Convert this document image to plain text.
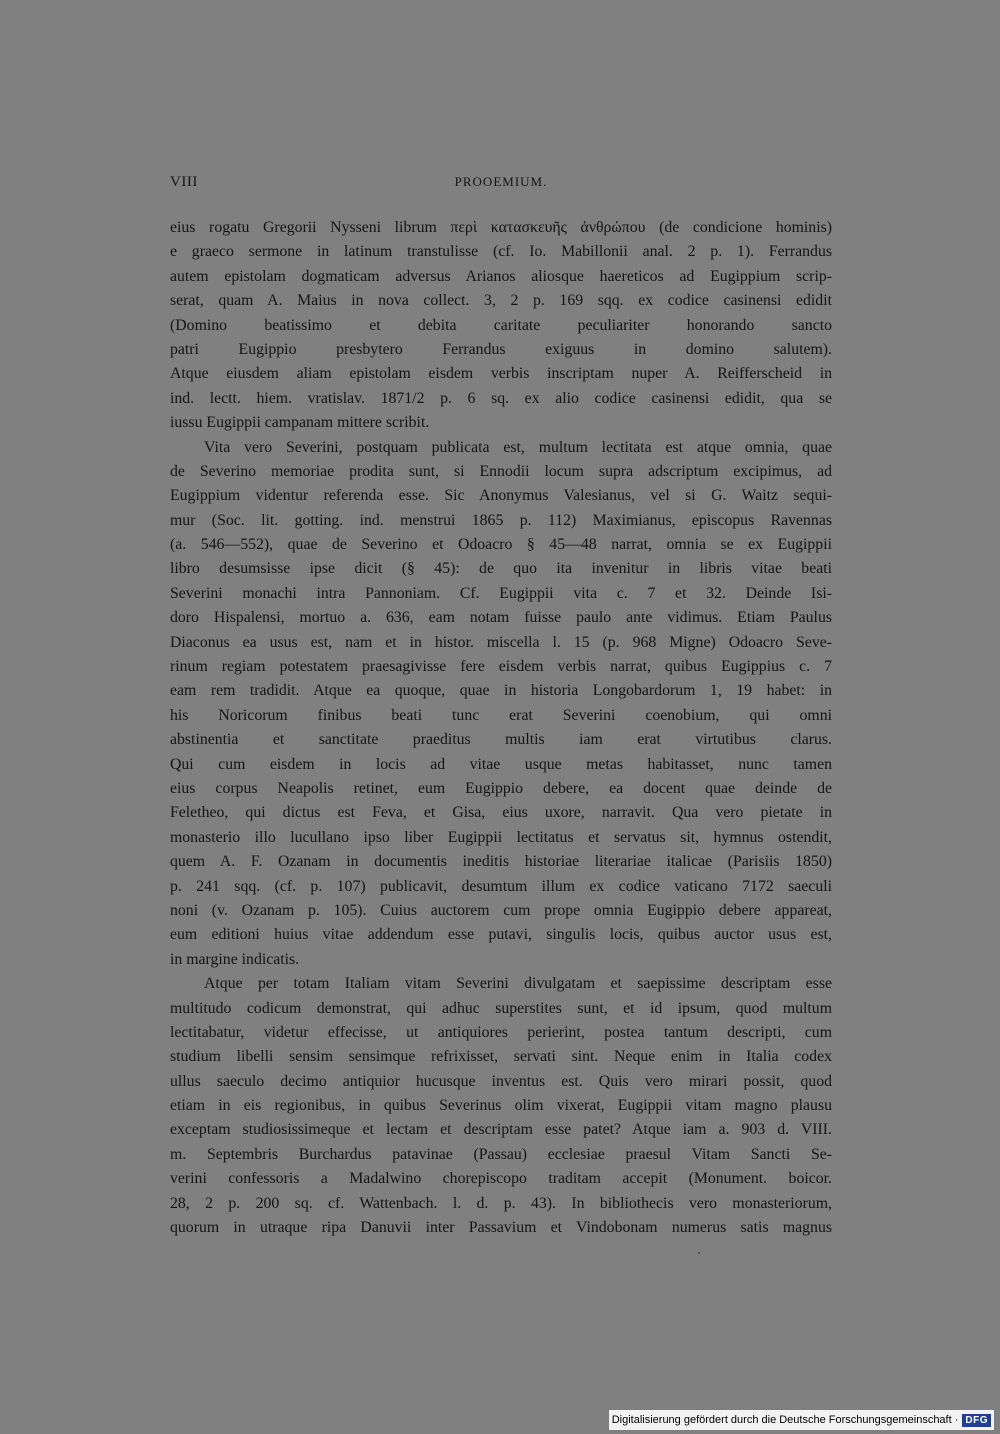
VIII	PROOEMIUM.
eius rogatu Gregorii Nysseni librum περὶ κατασκευῆς ἀνθρώπου (de condicione hominis)
e graeco sermone in latinum transtulisse (cf. Io. Mabillonii anal. 2 p. 1). Ferrandus
autem epistolam dogmaticam adversus Arianos aliosque haereticos ad Eugippium scrip-
serat, quam A. Maius in nova collect. 3, 2 p. 169 sqq. ex codice casinensi edidit
(Domino beatissimo et debita caritate peculiariter honorando sancto
patri Eugippio presbytero Ferrandus exiguus in domino salutem).
Atque eiusdem aliam epistolam eisdem verbis inscriptam nuper A. Reifferscheid in
ind. lectt. hiem. vratislav. 1871/2 p. 6 sq. ex alio codice casinensi edidit, qua se
iussu Eugippii campanam mittere scribit.
Vita vero Severini, postquam publicata est, multum lectitata est atque omnia, quae
de Severino memoriae prodita sunt, si Ennodii locum supra adscriptum excipimus, ad
Eugippium videntur referenda esse. Sic Anonymus Valesianus, vel si G. Waitz sequi-
mur (Soc. lit. gotting. ind. menstrui 1865 p. 112) Maximianus, episcopus Ravennas
(a. 546—552), quae de Severino et Odoacro § 45—48 narrat, omnia se ex Eugippii
libro desumsisse ipse dicit (§ 45): de quo ita invenitur in libris vitae beati
Severini monachi intra Pannoniam. Cf. Eugippii vita c. 7 et 32. Deinde Isi-
doro Hispalensi, mortuo a. 636, eam notam fuisse paulo ante vidimus. Etiam Paulus
Diaconus ea usus est, nam et in histor. miscella l. 15 (p. 968 Migne) Odoacro Seve-
rinum regiam potestatem praesagivisse fere eisdem verbis narrat, quibus Eugippius c. 7
eam rem tradidit. Atque ea quoque, quae in historia Longobardorum 1, 19 habet: in
his Noricorum finibus beati tunc erat Severini coenobium, qui omni
abstinentia et sanctitate praeditus multis iam erat virtutibus clarus.
Qui cum eisdem in locis ad vitae usque metas habitasset, nunc tamen
eius corpus Neapolis retinet, eum Eugippio debere, ea docent quae deinde de
Feletheo, qui dictus est Feva, et Gisa, eius uxore, narravit. Qua vero pietate in
monasterio illo lucullano ipso liber Eugippii lectitatus et servatus sit, hymnus ostendit,
quem A. F. Ozanam in documentis ineditis historiae literariae italicae (Parisiis 1850)
p. 241 sqq. (cf. p. 107) publicavit, desumtum illum ex codice vaticano 7172 saeculi
noni (v. Ozanam p. 105). Cuius auctorem cum prope omnia Eugippio debere appareat,
eum editioni huius vitae addendum esse putavi, singulis locis, quibus auctor usus est,
in margine indicatis.
Atque per totam Italiam vitam Severini divulgatam et saepissime descriptam esse
multitudo codicum demonstrat, qui adhuc superstites sunt, et id ipsum, quod multum
lectitabatur, videtur effecisse, ut antiquiores perierint, postea tantum descripti, cum
studium libelli sensim sensimque refrixisset, servati sint. Neque enim in Italia codex
ullus saeculo decimo antiquior hucusque inventus est. Quis vero mirari possit, quod
etiam in eis regionibus, in quibus Severinus olim vixerat, Eugippii vitam magno plausu
exceptam studiosissimeque et lectam et descriptam esse patet? Atque iam a. 903 d. VIII.
m. Septembris Burchardus patavinae (Passau) ecclesiae praesul Vitam Sancti Se-
verini confessoris a Madalwino chorepiscopo traditam accepit (Monument. boicor.
28, 2 p. 200 sq. cf. Wattenbach. l. d. p. 43). In bibliothecis vero monasteriorum,
quorum in utraque ripa Danuvii inter Passavium et Vindobonam numerus satis magnus
Digitalisierung gefördert durch die Deutsche Forschungsgemeinschaft · DFG
